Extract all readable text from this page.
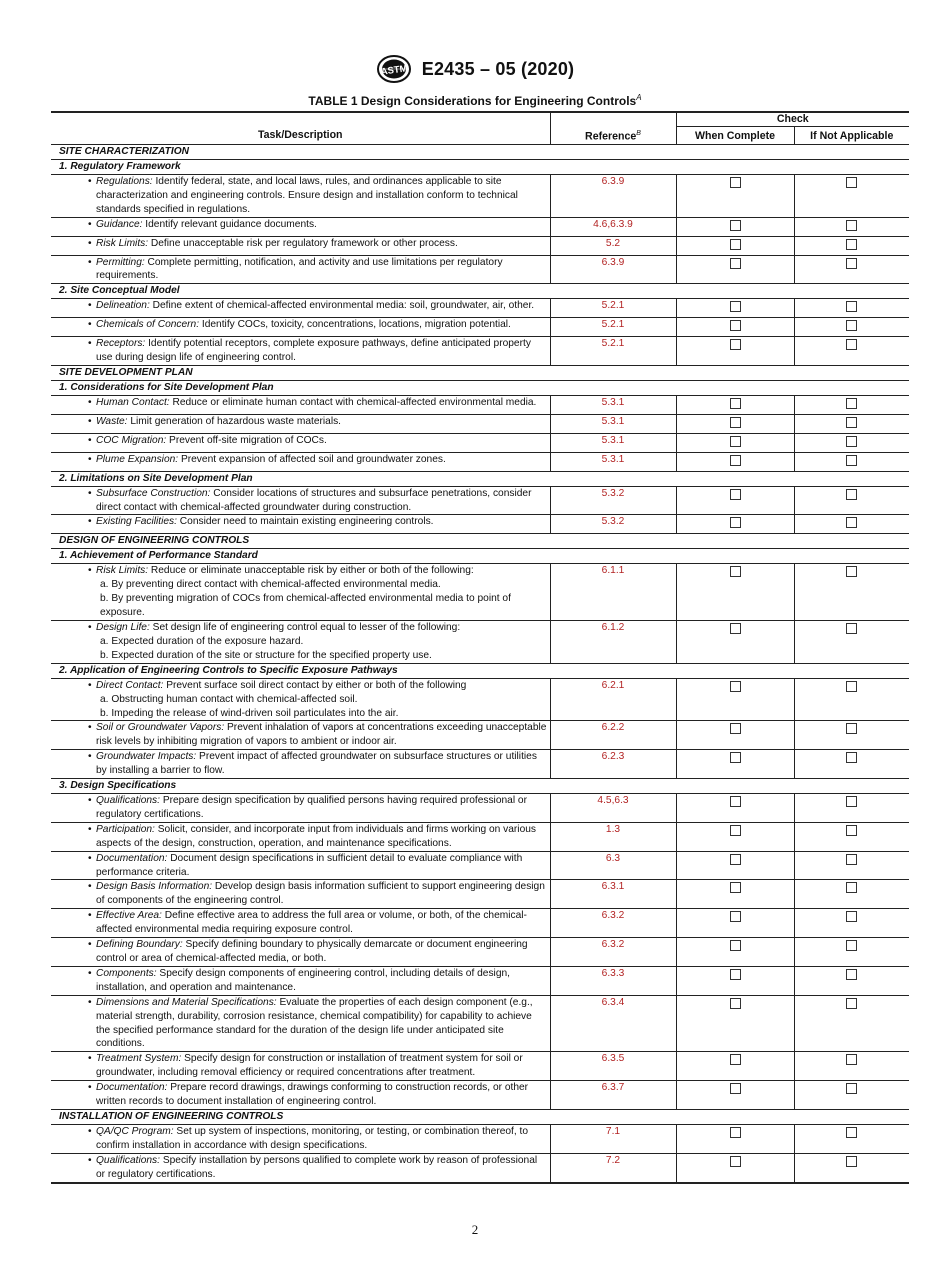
ASTM E2435 – 05 (2020)
TABLE 1 Design Considerations for Engineering Controls$^A$
		Check	
Task/Description	Reference$^B$	When Complete	If Not Applicable
SITE CHARACTERIZATION			
1. Regulatory Framework			

• Regulations: Identify federal, state, and local laws, rules, and ordinances applicable to site characterization and engineering controls. Ensure design and installation conform to technical standards specified in regulations.	6.3.9		

• Guidance: Identify relevant guidance documents.	4.6,6.3.9		

• Risk Limits: Define unacceptable risk per regulatory framework or other process.	5.2		

• Permitting: Complete permitting, notification, and activity and use limitations per regulatory requirements.	6.3.9		
2. Site Conceptual Model			

• Delineation: Define extent of chemical-affected environmental media: soil, groundwater, air, other.	5.2.1		

• Chemicals of Concern: Identify COCs, toxicity, concentrations, locations, migration potential.	5.2.1		

• Receptors: Identify potential receptors, complete exposure pathways, define anticipated property use during design life of engineering control.	5.2.1		
SITE DEVELOPMENT PLAN			
1. Considerations for Site Development Plan			

• Human Contact: Reduce or eliminate human contact with chemical-affected environmental media.	5.3.1		

• Waste: Limit generation of hazardous waste materials.	5.3.1		

• COC Migration: Prevent off-site migration of COCs.	5.3.1		

• Plume Expansion: Prevent expansion of affected soil and groundwater zones.	5.3.1		
2. Limitations on Site Development Plan			

• Subsurface Construction: Consider locations of structures and subsurface penetrations, consider direct contact with chemical-affected groundwater during construction.	5.3.2		

• Existing Facilities: Consider need to maintain existing engineering controls.	5.3.2		
DESIGN OF ENGINEERING CONTROLS			
1. Achievement of Performance Standard			

• Risk Limits: Reduce or eliminate unacceptable risk by either or both of the following:
a. By preventing direct contact with chemical-affected environmental media.
b. By preventing migration of COCs from chemical-affected environmental media to point of exposure.	6.1.1		

• Design Life: Set design life of engineering control equal to lesser of the following:
a. Expected duration of the exposure hazard.
b. Expected duration of the site or structure for the specified property use.	6.1.2		
2. Application of Engineering Controls to Specific Exposure Pathways			

• Direct Contact: Prevent surface soil direct contact by either or both of the following
a. Obstructing human contact with chemical-affected soil.
b. Impeding the release of wind-driven soil particulates into the air.	6.2.1		

• Soil or Groundwater Vapors: Prevent inhalation of vapors at concentrations exceeding unacceptable risk levels by inhibiting migration of vapors to ambient or indoor air.	6.2.2		

• Groundwater Impacts: Prevent impact of affected groundwater on subsurface structures or utilities by installing a barrier to flow.	6.2.3		
3. Design Specifications			

• Qualifications: Prepare design specification by qualified persons having required professional or regulatory certifications.	4.5,6.3		

• Participation: Solicit, consider, and incorporate input from individuals and firms working on various aspects of the design, construction, operation, and maintenance specifications.	1.3		

• Documentation: Document design specifications in sufficient detail to evaluate compliance with performance criteria.	6.3		

• Design Basis Information: Develop design basis information sufficient to support engineering design of components of the engineering control.	6.3.1		

• Effective Area: Define effective area to address the full area or volume, or both, of the chemical-affected environmental media requiring exposure control.	6.3.2		

• Defining Boundary: Specify defining boundary to physically demarcate or document engineering control or area of chemical-affected media, or both.	6.3.2		

• Components: Specify design components of engineering control, including details of design, installation, and operation and maintenance.	6.3.3		

• Dimensions and Material Specifications: Evaluate the properties of each design component (e.g., material strength, durability, corrosion resistance, chemical compatibility) for capability to achieve the specified performance standard for the duration of the design life under anticipated site conditions.	6.3.4		

• Treatment System: Specify design for construction or installation of treatment system for soil or groundwater, including removal efficiency or required concentrations after treatment.	6.3.5		

• Documentation: Prepare record drawings, drawings conforming to construction records, or other written records to document installation of engineering control.	6.3.7		
INSTALLATION OF ENGINEERING CONTROLS			

• QA/QC Program: Set up system of inspections, monitoring, or testing, or combination thereof, to confirm installation in accordance with design specifications.	7.1		

• Qualifications: Specify installation by persons qualified to complete work by reason of professional or regulatory certifications.	7.2		
2
